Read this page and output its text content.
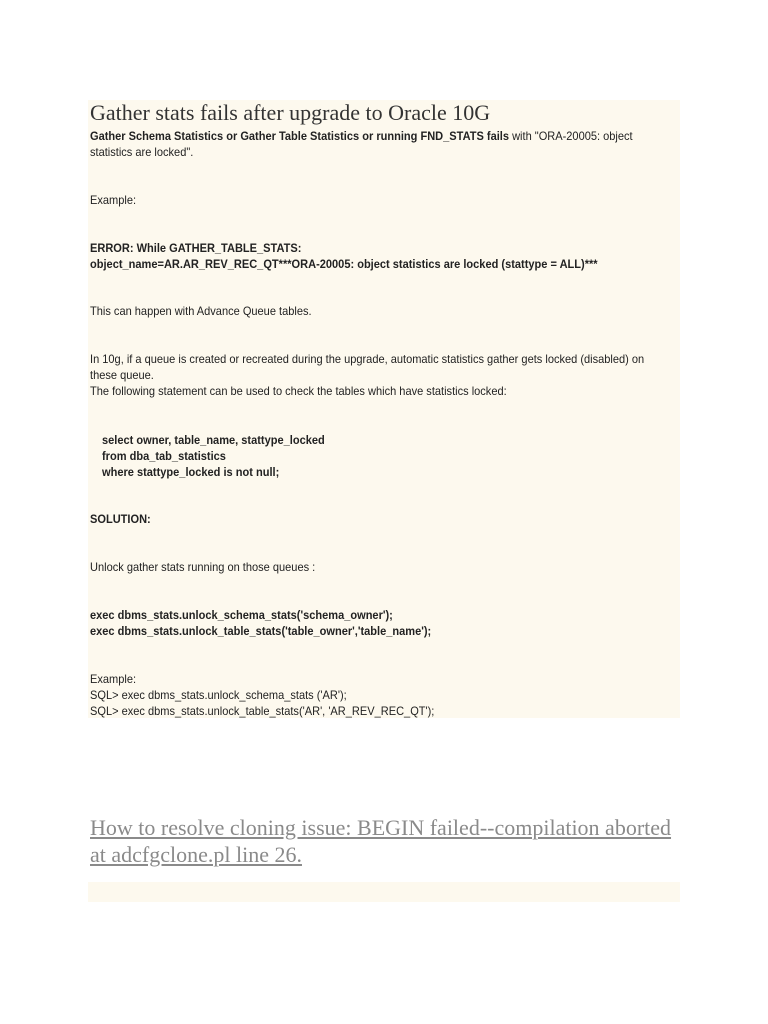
Gather stats fails after upgrade to Oracle 10G
Gather Schema Statistics or Gather Table Statistics or running FND_STATS fails with "ORA-20005: object
statistics are locked".
Example:
ERROR: While GATHER_TABLE_STATS:
object_name=AR.AR_REV_REC_QT***ORA-20005: object statistics are locked (stattype = ALL)***
This can happen with Advance Queue tables.
In 10g, if a queue is created or recreated during the upgrade, automatic statistics gather gets locked (disabled) on
these queue.
The following statement can be used to check the tables which have statistics locked:
select owner, table_name, stattype_locked
from dba_tab_statistics
where stattype_locked is not null;
SOLUTION:
Unlock gather stats running on those queues :
exec dbms_stats.unlock_schema_stats('schema_owner');
exec dbms_stats.unlock_table_stats('table_owner','table_name');
Example:
SQL> exec dbms_stats.unlock_schema_stats ('AR');
SQL> exec dbms_stats.unlock_table_stats('AR', 'AR_REV_REC_QT');
How to resolve cloning issue: BEGIN failed--compilation aborted at adcfgclone.pl line 26.
